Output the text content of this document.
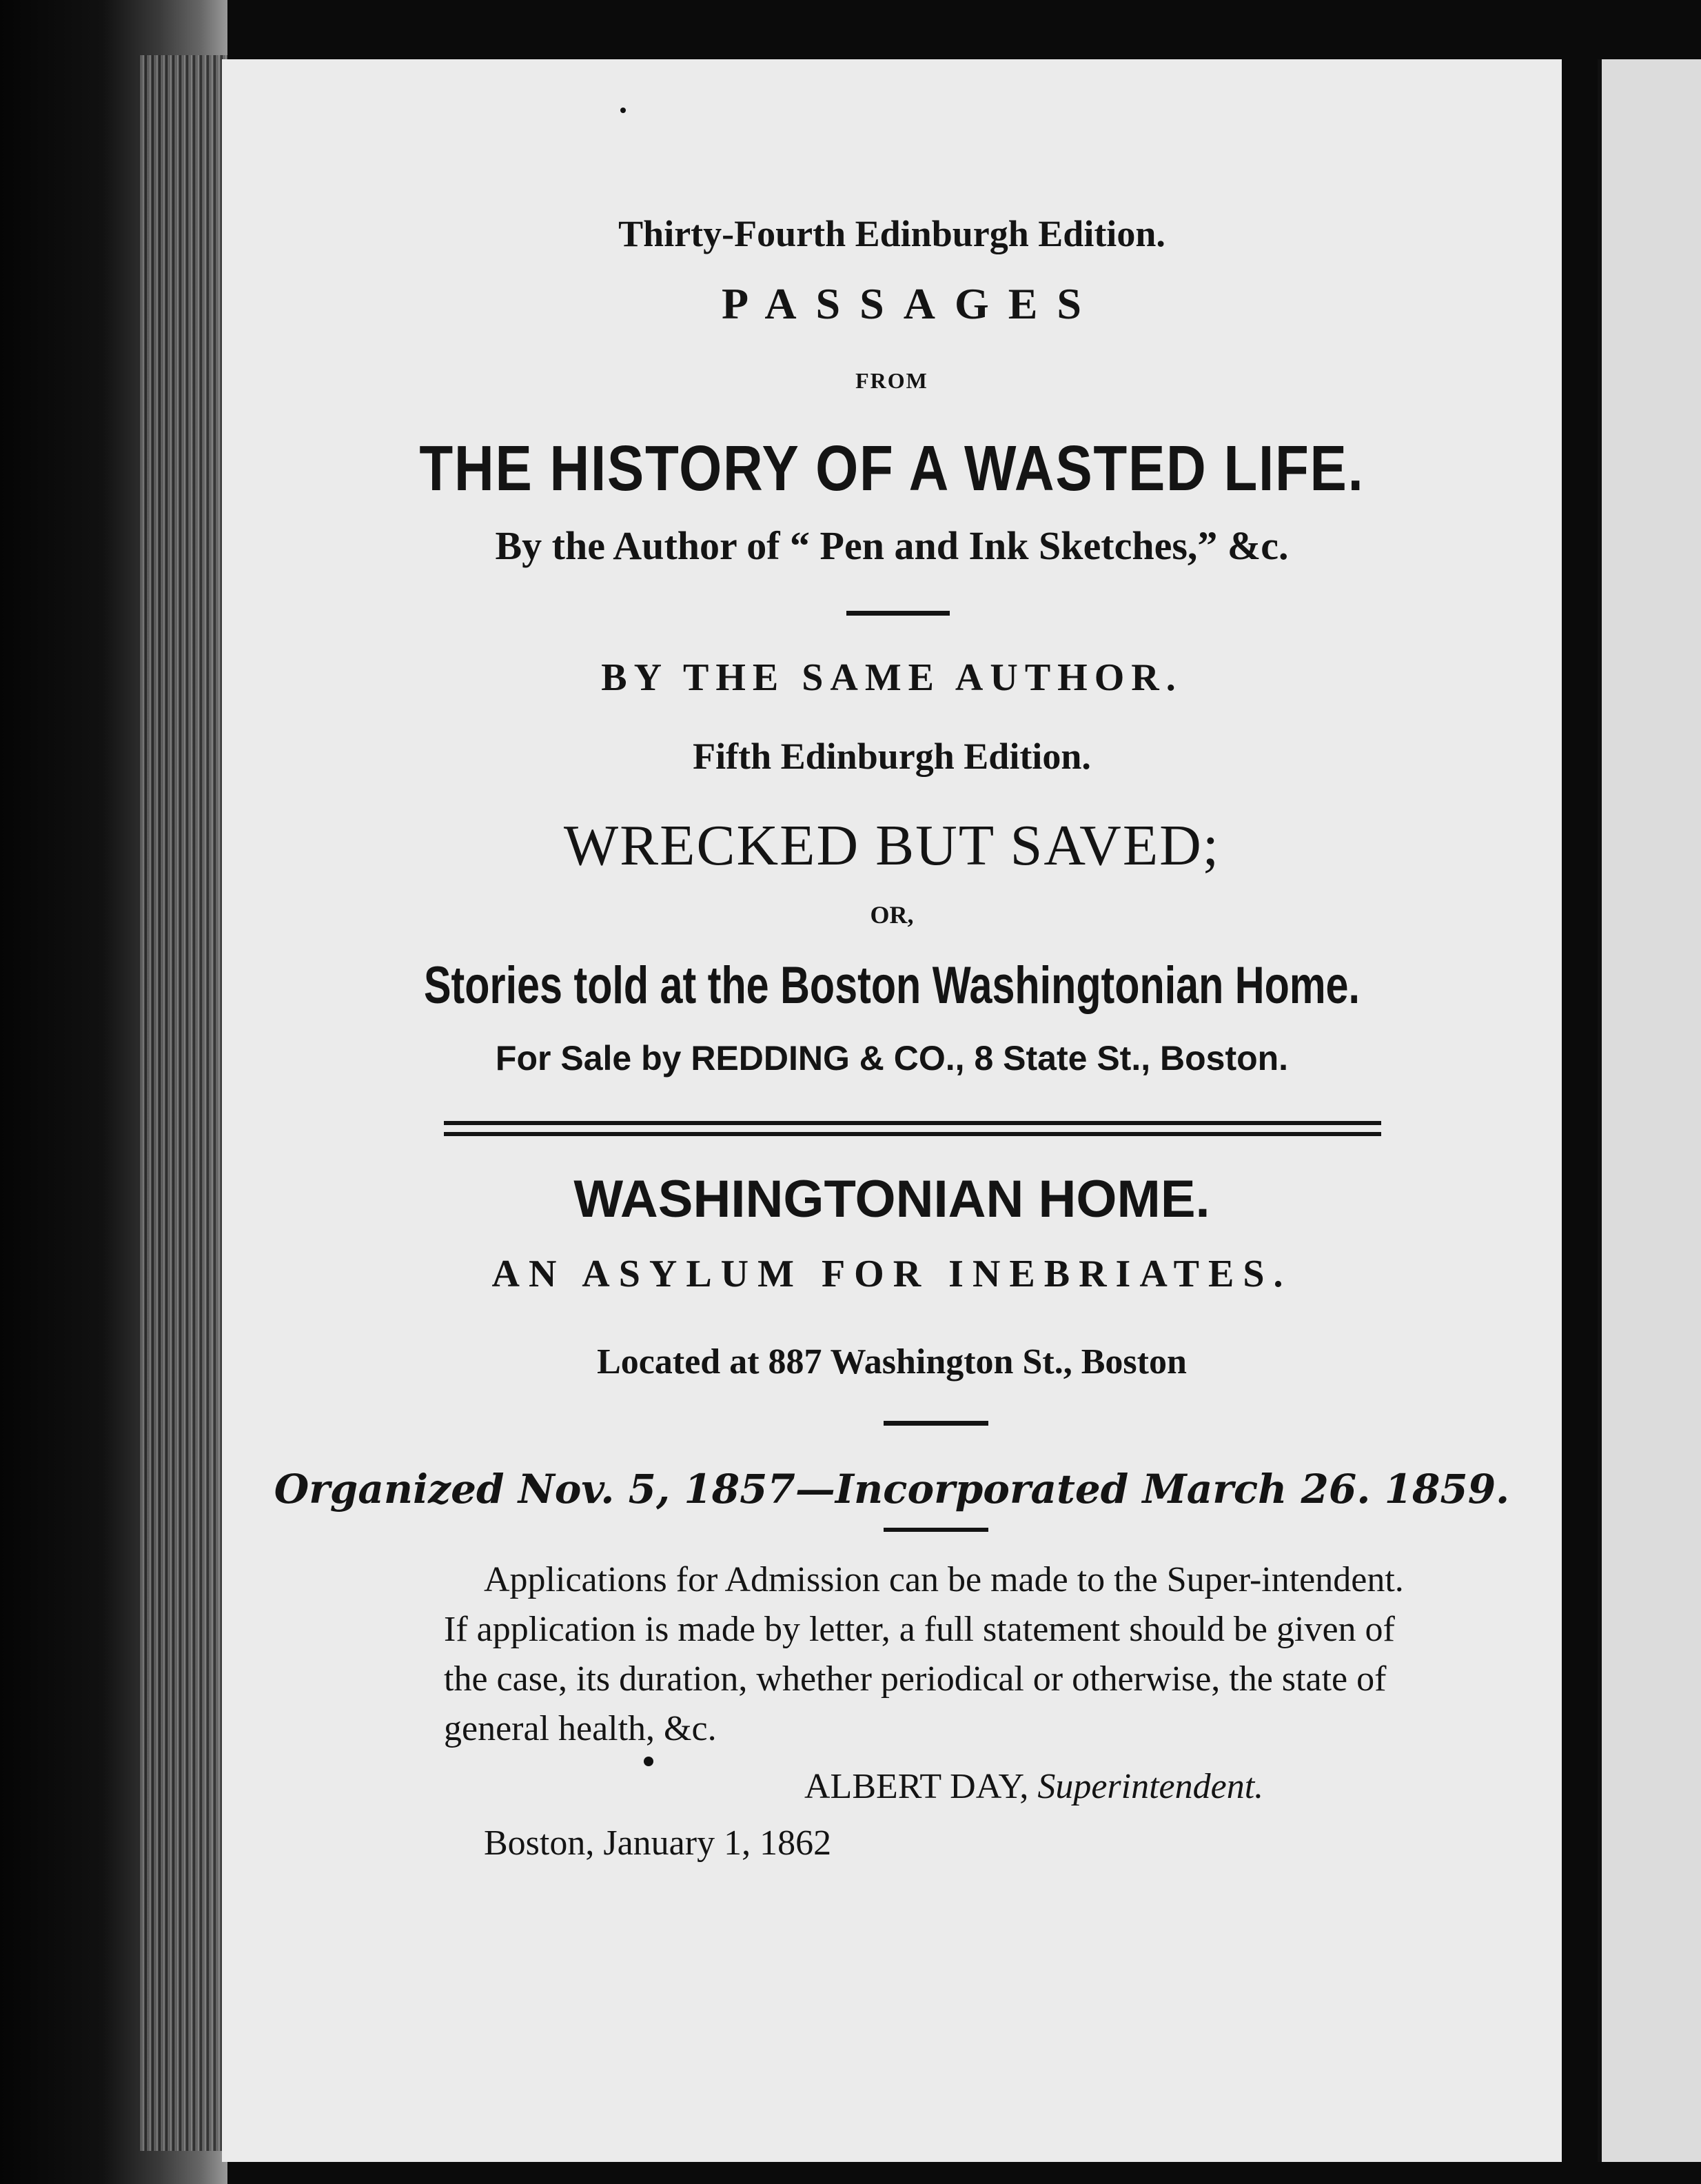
Thirty-Fourth Edinburgh Edition.
PASSAGES
FROM
THE HISTORY OF A WASTED LIFE.
By the Author of “ Pen and Ink Sketches,” &c.
BY THE SAME AUTHOR.
Fifth Edinburgh Edition.
WRECKED BUT SAVED;
OR,
Stories told at the Boston Washingtonian Home.
For Sale by REDDING & CO., 8 State St., Boston.
WASHINGTONIAN HOME.
AN ASYLUM FOR INEBRIATES.
Located at 887 Washington St., Boston
Organized Nov. 5, 1857—Incorporated March 26. 1859.
Applications for Admission can be made to the Super-intendent. If application is made by letter, a full statement should be given of the case, its duration, whether periodical or otherwise, the state of general health, &c.
ALBERT DAY, Superintendent.
Boston, January 1, 1862
